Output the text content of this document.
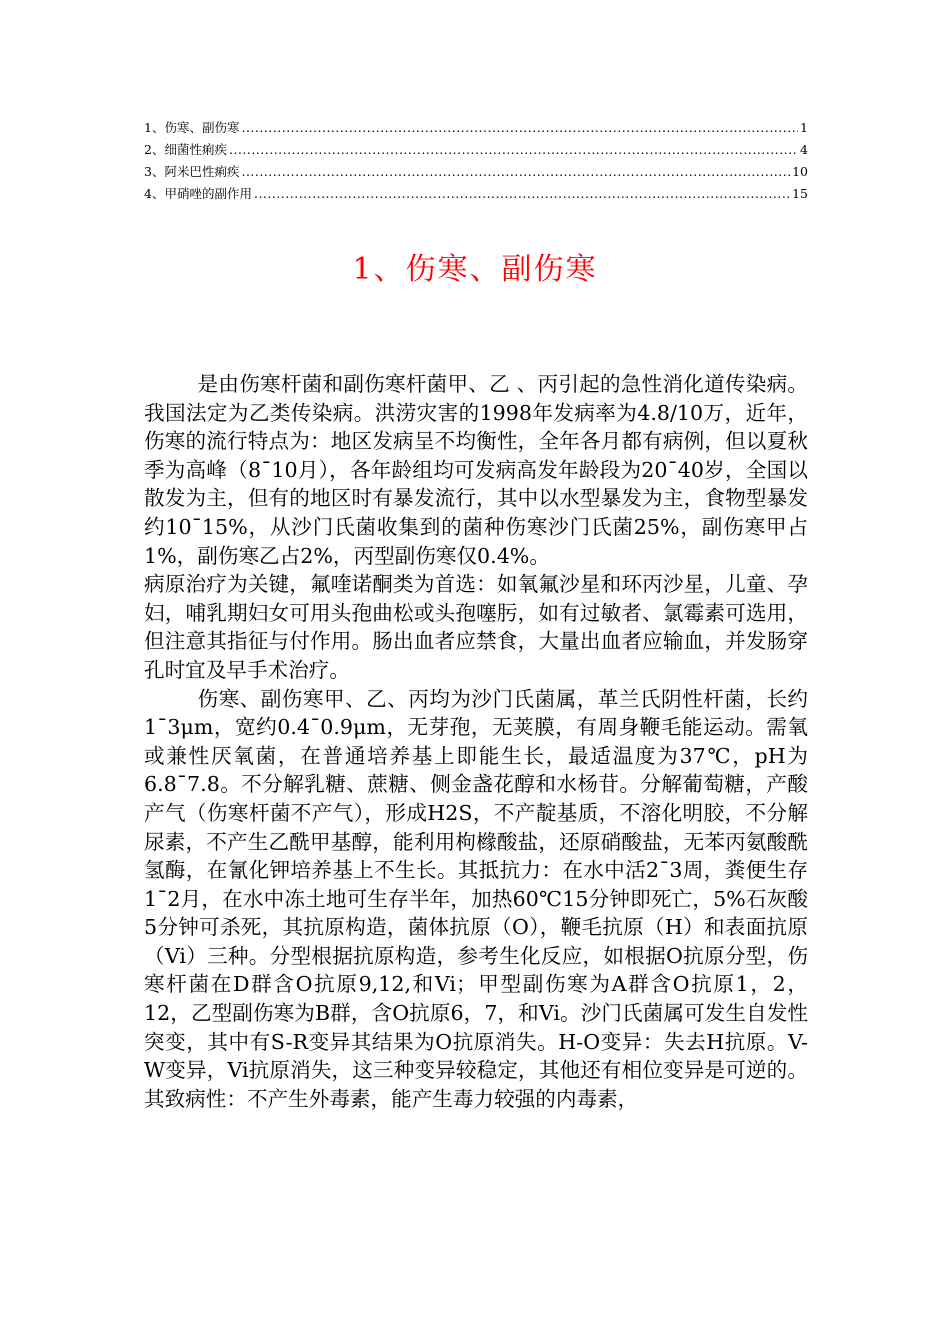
1、伤寒、副伤寒 .....	1
2、细菌性痢疾 .....	4
3、阿米巴性痢疾 .....	10
4、甲硝唑的副作用 .....	15
1、伤寒、副伤寒

是由伤寒杆菌和副伤寒杆菌甲、乙 、丙引起的急性消化道传染病。我国法定为乙类传染病。洪涝灾害的1998年发病率为4.8/10万，近年，伤寒的流行特点为：地区发病呈不均衡性，全年各月都有病例，但以夏秋季为高峰（8¯10月），各年龄组均可发病高发年龄段为20¯40岁，全国以散发为主，但有的地区时有暴发流行，其中以水型暴发为主，食物型暴发约10¯15%，从沙门氏菌收集到的菌种伤寒沙门氏菌25%，副伤寒甲占1%，副伤寒乙占2%，丙型副伤寒仅0.4%。

病原治疗为关键，氟喹诺酮类为首选：如氧氟沙星和环丙沙星，儿童、孕妇，哺乳期妇女可用头孢曲松或头孢噻肟，如有过敏者、氯霉素可选用，但注意其指征与付作用。肠出血者应禁食，大量出血者应输血，并发肠穿孔时宜及早手术治疗。

伤寒、副伤寒甲、乙、丙均为沙门氏菌属，革兰氏阴性杆菌，长约1¯3μm，宽约0.4¯0.9μm，无芽孢，无荚膜，有周身鞭毛能运动。需氧或兼性厌氧菌，在普通培养基上即能生长，最适温度为37℃，pH为6.8¯7.8。不分解乳糖、蔗糖、侧金盏花醇和水杨苷。分解葡萄糖，产酸产气（伤寒杆菌不产气），形成H2S，不产靛基质，不溶化明胶，不分解尿素，不产生乙酰甲基醇，能利用枸橼酸盐，还原硝酸盐，无苯丙氨酸酰氢酶，在氰化钾培养基上不生长。其抵抗力：在水中活2¯3周，粪便生存1¯2月，在水中冻土地可生存半年，加热60℃15分钟即死亡，5%石灰酸5分钟可杀死，其抗原构造，菌体抗原（O），鞭毛抗原（H）和表面抗原（Vi）三种。分型根据抗原构造，参考生化反应，如根据O抗原分型，伤寒杆菌在D群含O抗原9,12,和Vi；甲型副伤寒为A群含O抗原1，2，12，乙型副伤寒为B群，含O抗原6，7，和Vi。沙门氏菌属可发生自发性突变，其中有S-R变异其结果为O抗原消失。H-O变异：失去H抗原。V-W变异，Vi抗原消失，这三种变异较稳定，其他还有相位变异是可逆的。其致病性：不产生外毒素，能产生毒力较强的内毒素，
